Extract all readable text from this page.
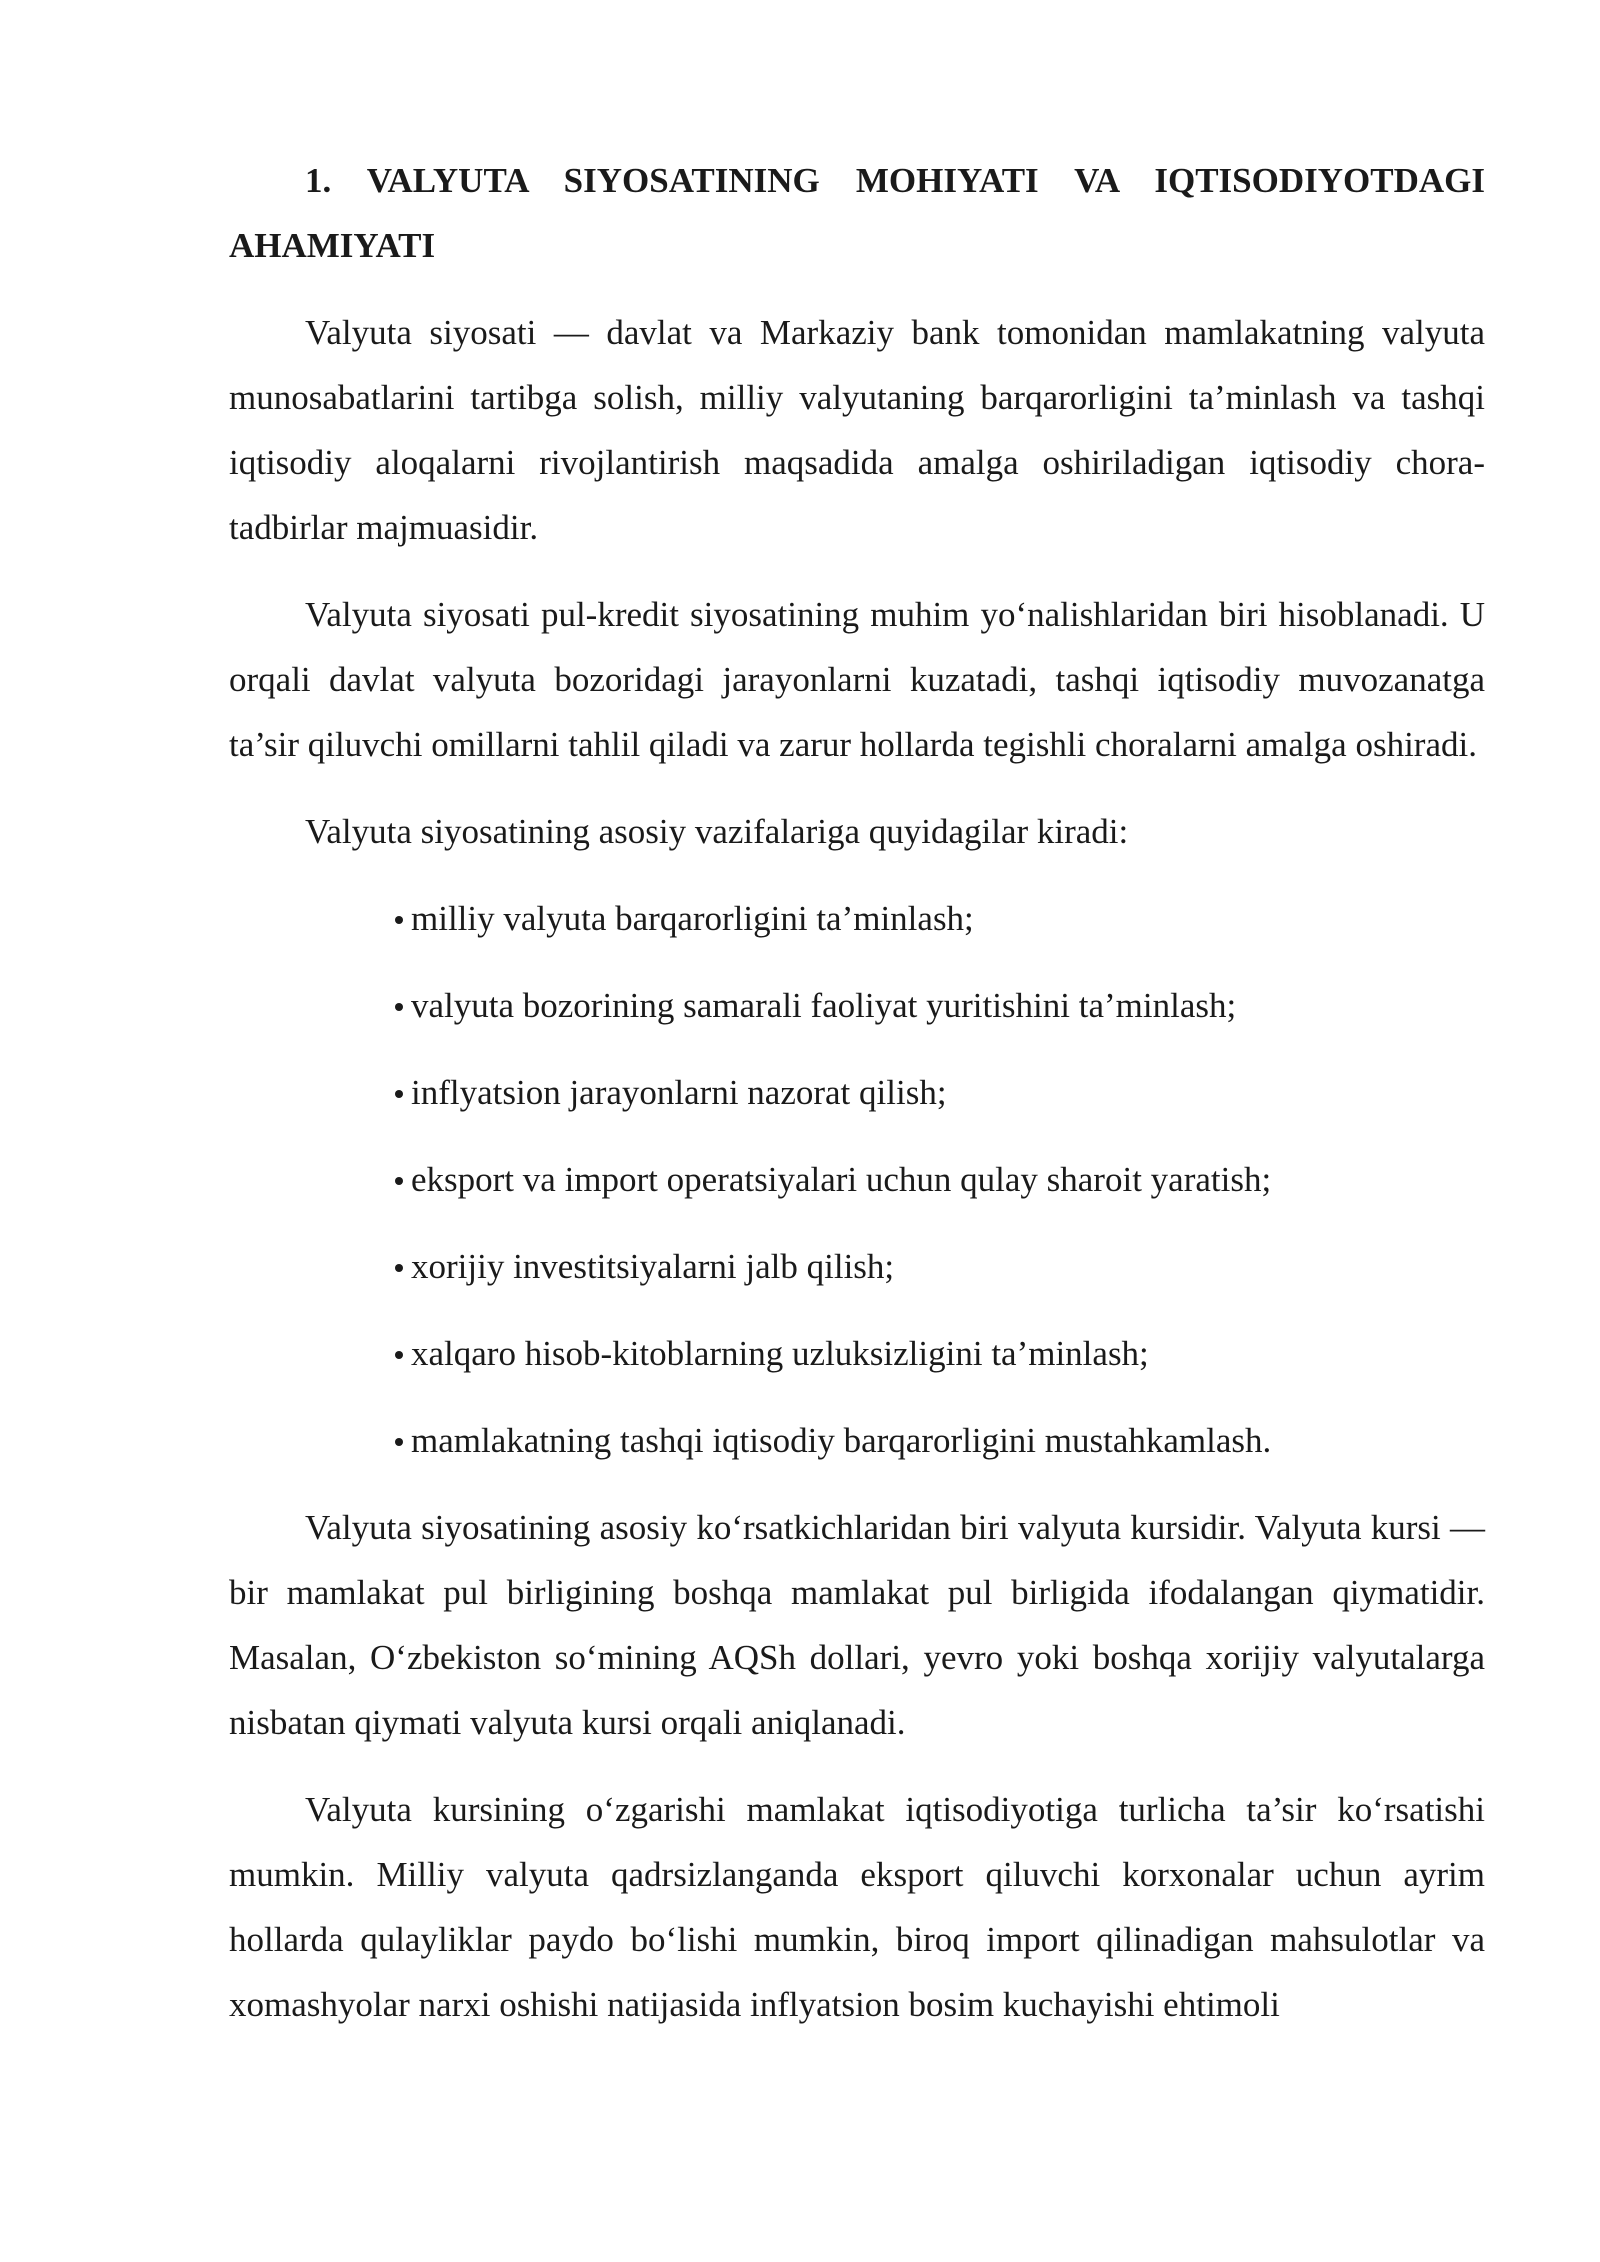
1. VALYUTA SIYOSATINING MOHIYATI VA IQTISODIYOTDAGI AHAMIYATI

Valyuta siyosati — davlat va Markaziy bank tomonidan mamlakatning valyuta munosabatlarini tartibga solish, milliy valyutaning barqarorligini ta’minlash va tashqi iqtisodiy aloqalarni rivojlantirish maqsadida amalga oshiriladigan iqtisodiy chora-tadbirlar majmuasidir.

Valyuta siyosati pul-kredit siyosatining muhim yo‘nalishlaridan biri hisoblanadi. U orqali davlat valyuta bozoridagi jarayonlarni kuzatadi, tashqi iqtisodiy muvozanatga ta’sir qiluvchi omillarni tahlil qiladi va zarur hollarda tegishli choralarni amalga oshiradi.

Valyuta siyosatining asosiy vazifalariga quyidagilar kiradi:

milliy valyuta barqarorligini ta’minlash;
valyuta bozorining samarali faoliyat yuritishini ta’minlash;
inflyatsion jarayonlarni nazorat qilish;
eksport va import operatsiyalari uchun qulay sharoit yaratish;
xorijiy investitsiyalarni jalb qilish;
xalqaro hisob-kitoblarning uzluksizligini ta’minlash;
mamlakatning tashqi iqtisodiy barqarorligini mustahkamlash.

Valyuta siyosatining asosiy ko‘rsatkichlaridan biri valyuta kursidir. Valyuta kursi — bir mamlakat pul birligining boshqa mamlakat pul birligida ifodalangan qiymatidir. Masalan, O‘zbekiston so‘mining AQSh dollari, yevro yoki boshqa xorijiy valyutalarga nisbatan qiymati valyuta kursi orqali aniqlanadi.

Valyuta kursining o‘zgarishi mamlakat iqtisodiyotiga turlicha ta’sir ko‘rsatishi mumkin. Milliy valyuta qadrsizlanganda eksport qiluvchi korxonalar uchun ayrim hollarda qulayliklar paydo bo‘lishi mumkin, biroq import qilinadigan mahsulotlar va xomashyolar narxi oshishi natijasida inflyatsion bosim kuchayishi ehtimoli
